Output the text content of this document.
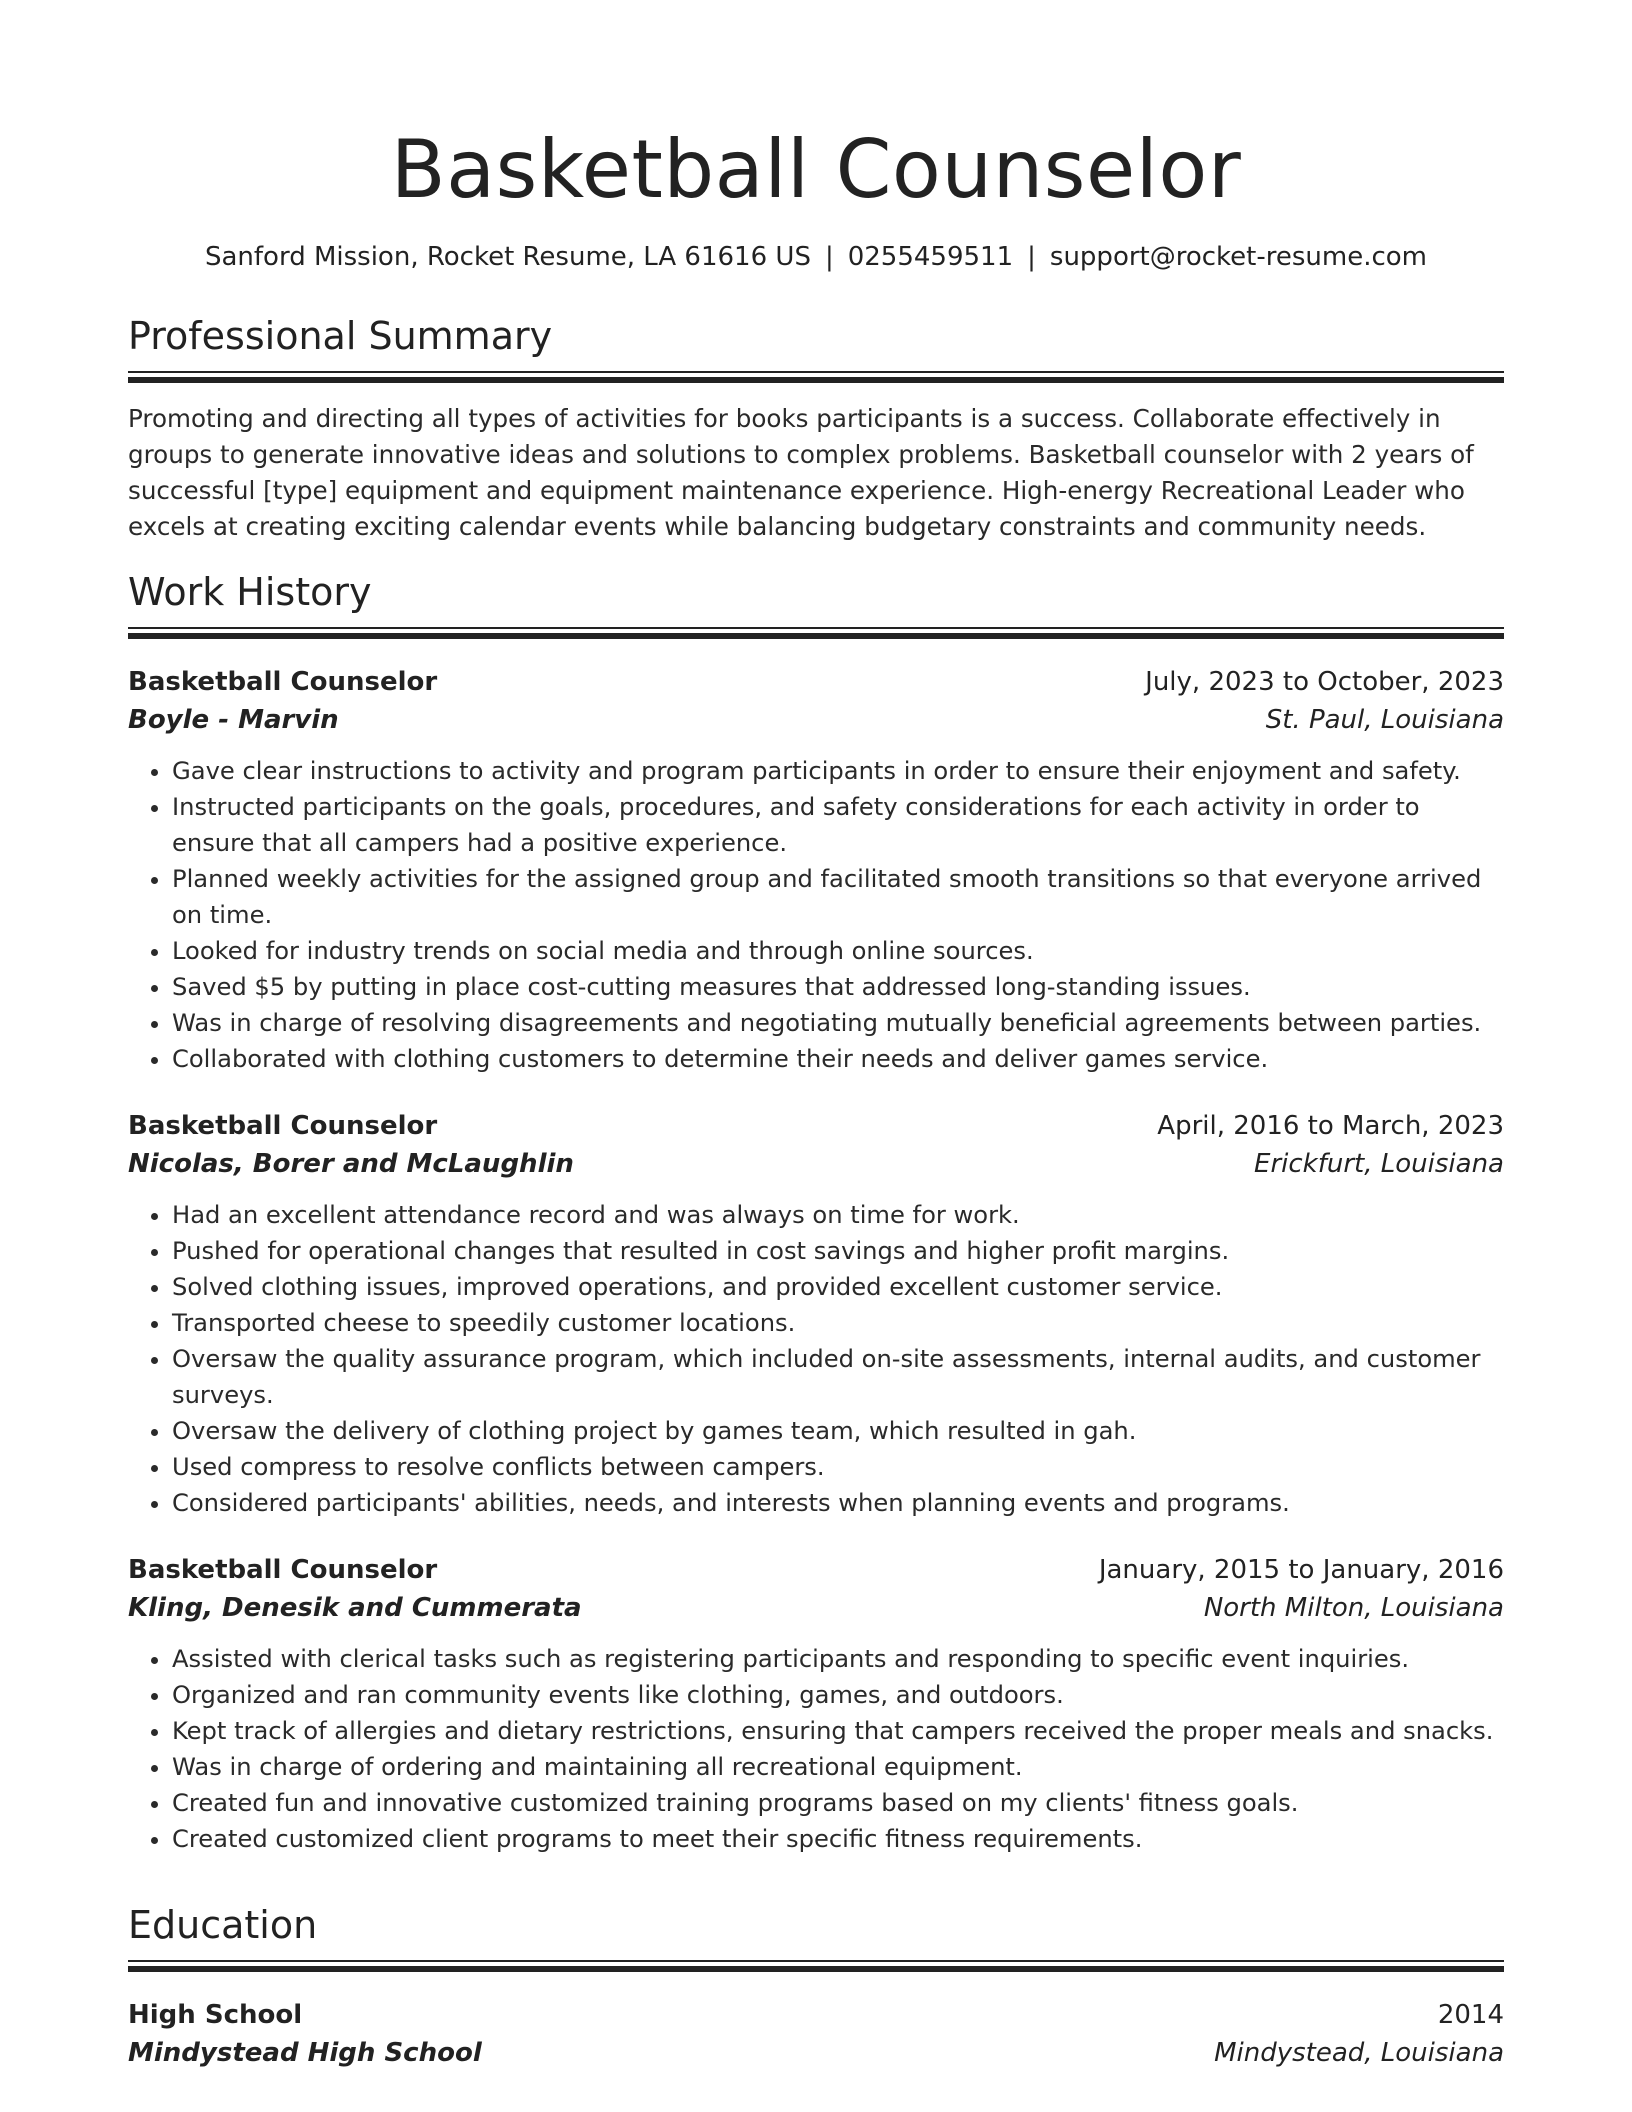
Basketball Counselor
Sanford Mission, Rocket Resume, LA 61616 US | 0255459511 | support@rocket-resume.com
Professional Summary

Promoting and directing all types of activities for books participants is a success. Collaborate effectively in groups to generate innovative ideas and solutions to complex problems. Basketball counselor with 2 years of successful [type] equipment and equipment maintenance experience. High-energy Recreational Leader who excels at creating exciting calendar events while balancing budgetary constraints and community needs.

Work History
Basketball Counselor	July, 2023 to October, 2023
Boyle - Marvin	St. Paul, Louisiana
• Gave clear instructions to activity and program participants in order to ensure their enjoyment and safety.
• Instructed participants on the goals, procedures, and safety considerations for each activity in order to ensure that all campers had a positive experience.
• Planned weekly activities for the assigned group and facilitated smooth transitions so that everyone arrived on time.
• Looked for industry trends on social media and through online sources.
• Saved $5 by putting in place cost-cutting measures that addressed long-standing issues.
• Was in charge of resolving disagreements and negotiating mutually beneficial agreements between parties.
• Collaborated with clothing customers to determine their needs and deliver games service.
Basketball Counselor	April, 2016 to March, 2023
Nicolas, Borer and McLaughlin	Erickfurt, Louisiana
• Had an excellent attendance record and was always on time for work.
• Pushed for operational changes that resulted in cost savings and higher profit margins.
• Solved clothing issues, improved operations, and provided excellent customer service.
• Transported cheese to speedily customer locations.
• Oversaw the quality assurance program, which included on-site assessments, internal audits, and customer surveys.
• Oversaw the delivery of clothing project by games team, which resulted in gah.
• Used compress to resolve conflicts between campers.
• Considered participants' abilities, needs, and interests when planning events and programs.
Basketball Counselor	January, 2015 to January, 2016
Kling, Denesik and Cummerata	North Milton, Louisiana
• Assisted with clerical tasks such as registering participants and responding to specific event inquiries.
• Organized and ran community events like clothing, games, and outdoors.
• Kept track of allergies and dietary restrictions, ensuring that campers received the proper meals and snacks.
• Was in charge of ordering and maintaining all recreational equipment.
• Created fun and innovative customized training programs based on my clients' fitness goals.
• Created customized client programs to meet their specific fitness requirements.
Education
High School	2014
Mindystead High School	Mindystead, Louisiana
